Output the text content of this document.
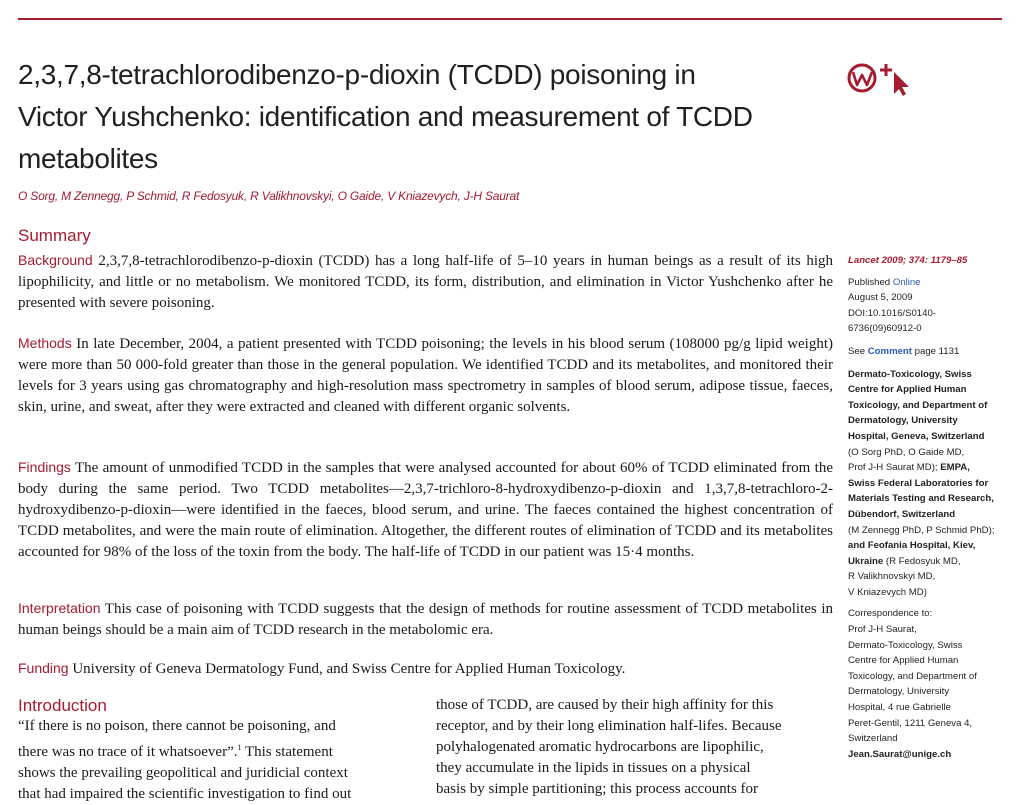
2,3,7,8-tetrachlorodibenzo-p-dioxin (TCDD) poisoning in
Victor Yushchenko: identification and measurement of TCDD
metabolites
O Sorg, M Zennegg, P Schmid, R Fedosyuk, R Valikhnovskyi, O Gaide, V Kniazevych, J-H Saurat
Summary

Background 2,3,7,8-tetrachlorodibenzo-p-dioxin (TCDD) has a long half-life of 5–10 years in human beings as a result of its high lipophilicity, and little or no metabolism. We monitored TCDD, its form, distribution, and elimination in Victor Yushchenko after he presented with severe poisoning.

Methods In late December, 2004, a patient presented with TCDD poisoning; the levels in his blood serum (108000 pg/g lipid weight) were more than 50 000-fold greater than those in the general population. We identified TCDD and its metabolites, and monitored their levels for 3 years using gas chromatography and high-resolution mass spectrometry in samples of blood serum, adipose tissue, faeces, skin, urine, and sweat, after they were extracted and cleaned with different organic solvents.

Findings The amount of unmodified TCDD in the samples that were analysed accounted for about 60% of TCDD eliminated from the body during the same period. Two TCDD metabolites—2,3,7-trichloro-8-hydroxydibenzo-p-dioxin and 1,3,7,8-tetrachloro-2-hydroxydibenzo-p-dioxin—were identified in the faeces, blood serum, and urine. The faeces contained the highest concentration of TCDD metabolites, and were the main route of elimination. Altogether, the different routes of elimination of TCDD and its metabolites accounted for 98% of the loss of the toxin from the body. The half-life of TCDD in our patient was 15·4 months.

Interpretation This case of poisoning with TCDD suggests that the design of methods for routine assessment of TCDD metabolites in human beings should be a main aim of TCDD research in the metabolomic era.

Funding University of Geneva Dermatology Fund, and Swiss Centre for Applied Human Toxicology.

Introduction
“If there is no poison, there cannot be poisoning, and
there was no trace of it whatsoever”.$^1$ This statement
shows the prevailing geopolitical and juridicial context
that had impaired the scientific investigation to find out
those of TCDD, are caused by their high affinity for this
receptor, and by their long elimination half-lifes. Because
polyhalogenated aromatic hydrocarbons are lipophilic,
they accumulate in the lipids in tissues on a physical
basis by simple partitioning; this process accounts for

Lancet 2009; 374: 1179–85

Published Online

August 5, 2009

DOI:10.1016/S0140-

6736(09)60912-0

See Comment page 1131

Dermato-Toxicology, Swiss

Centre for Applied Human

Toxicology, and Department of

Dermatology, University

Hospital, Geneva, Switzerland

(O Sorg PhD, O Gaide MD,

Prof J-H Saurat MD); EMPA,

Swiss Federal Laboratories for

Materials Testing and Research,

Dübendorf, Switzerland

(M Zennegg PhD, P Schmid PhD);

and Feofania Hospital, Kiev,

Ukraine (R Fedosyuk MD,

R Valikhnovskyi MD,

V Kniazevych MD)

Correspondence to:

Prof J-H Saurat,

Dermato-Toxicology, Swiss

Centre for Applied Human

Toxicology, and Department of

Dermatology, University

Hospital, 4 rue Gabrielle

Peret-Gentil, 1211 Geneva 4,

Switzerland

Jean.Saurat@unige.ch
